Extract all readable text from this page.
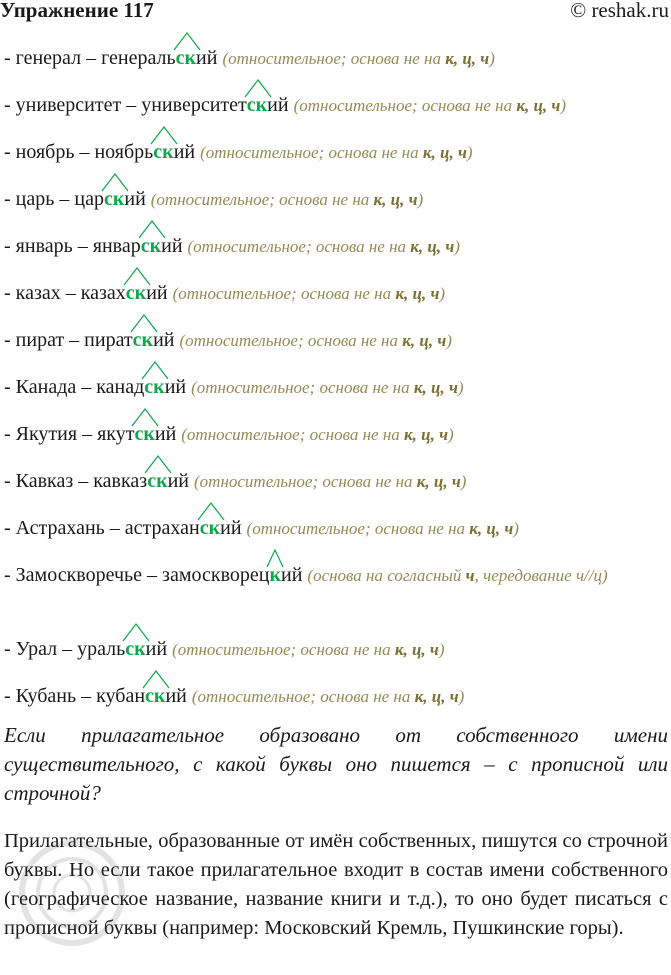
Упражнение 117	© reshak.ru
- генерал – генеральск
ий (относительное; основа не на к, ц, ч)
- университет – университетск
ий (относительное; основа не на к, ц, ч)
- ноябрь – ноябрьск
ий (относительное; основа не на к, ц, ч)
- царь – царск
ий (относительное; основа не на к, ц, ч)
- январь – январск
ий (относительное; основа не на к, ц, ч)
- казах – казахск
ий (относительное; основа не на к, ц, ч)
- пират – пиратск
ий (относительное; основа не на к, ц, ч)
- Канада – канадск
ий (относительное; основа не на к, ц, ч)
- Якутия – якутск
ий (относительное; основа не на к, ц, ч)
- Кавказ – кавказск
ий (относительное; основа не на к, ц, ч)
- Астрахань – астраханск
ий (относительное; основа не на к, ц, ч)
- Замоскворечье – замоскворецк
ий (основа на согласный ч, чередование ч//ц)
- Урал – уральск
ий (относительное; основа не на к, ц, ч)
- Кубань – кубанск
ий (относительное; основа не на к, ц, ч)
Если прилагательное образовано от собственного имени существительного, с какой буквы оно пишется – с прописной или строчной?
Прилагательные, образованные от имён собственных, пишутся со строчной буквы. Но если такое прилагательное входит в состав имени собственного (географическое название, название книги и т.д.), то оно будет писаться с прописной буквы (например: Московский Кремль, Пушкинские горы).
